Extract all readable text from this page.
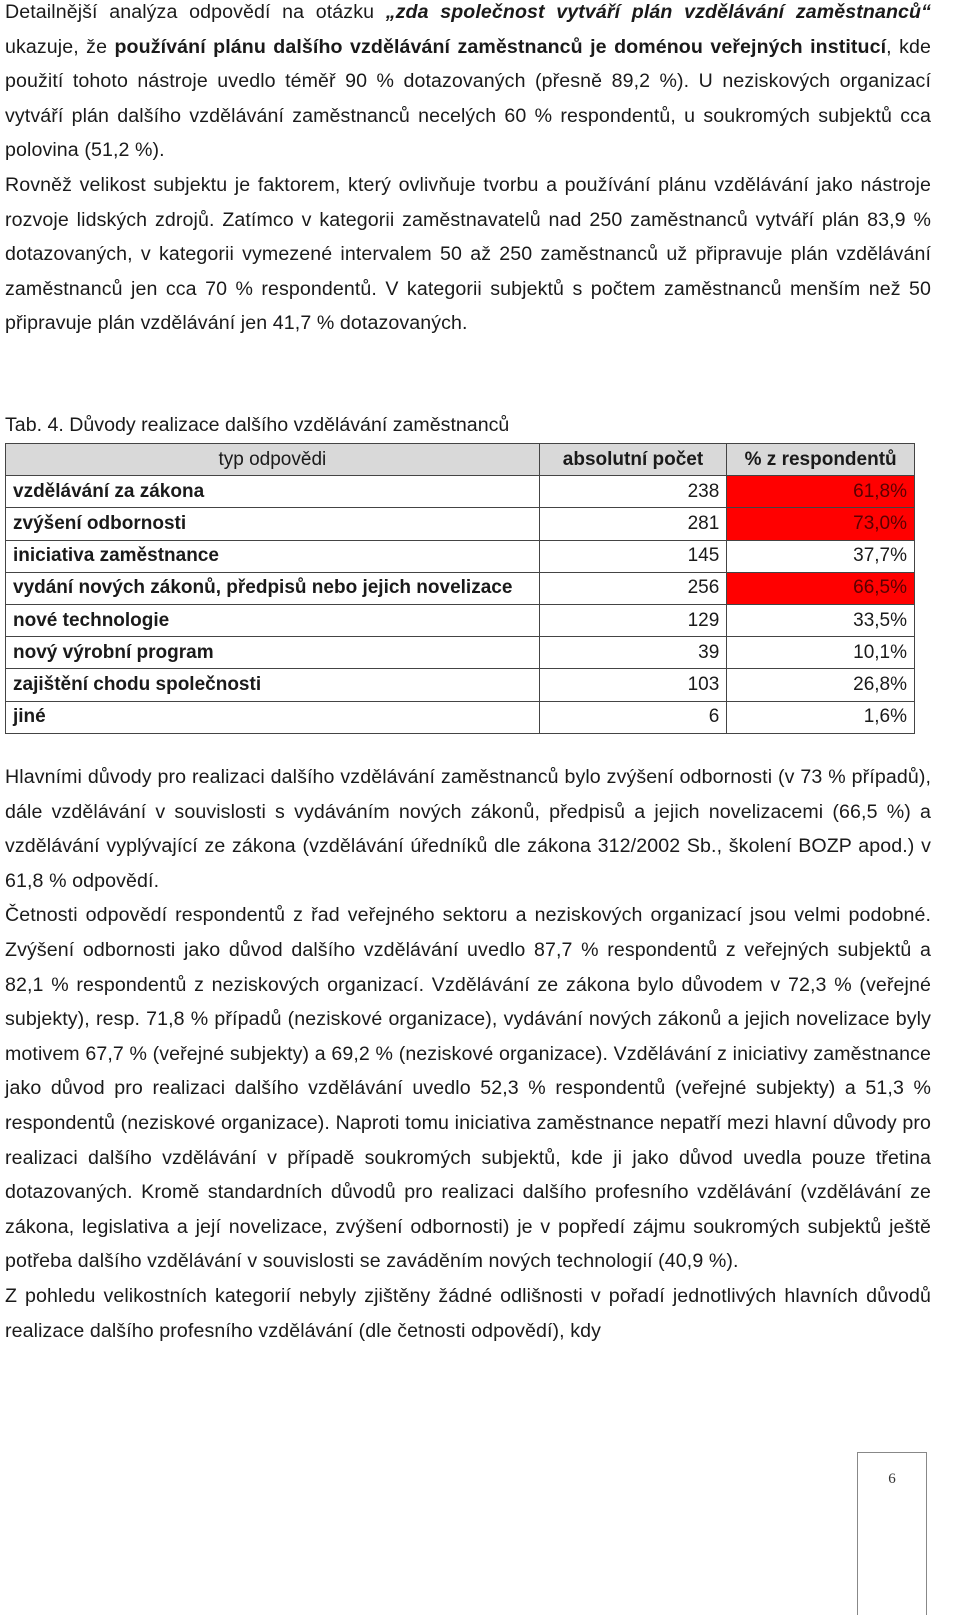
Detailnější analýza odpovědí na otázku „zda společnost vytváří plán vzdělávání zaměstnanců“ ukazuje, že používání plánu dalšího vzdělávání zaměstnanců je doménou veřejných institucí, kde použití tohoto nástroje uvedlo téměř 90 % dotazovaných (přesně 89,2 %). U neziskových organizací vytváří plán dalšího vzdělávání zaměstnanců necelých 60 % respondentů, u soukromých subjektů cca polovina (51,2 %).

Rovněž velikost subjektu je faktorem, který ovlivňuje tvorbu a používání plánu vzdělávání jako nástroje rozvoje lidských zdrojů. Zatímco v kategorii zaměstnavatelů nad 250 zaměstnanců vytváří plán 83,9 % dotazovaných, v kategorii vymezené intervalem 50 až 250 zaměstnanců už připravuje plán vzdělávání zaměstnanců jen cca 70 % respondentů. V kategorii subjektů s počtem zaměstnanců menším než 50 připravuje plán vzdělávání jen 41,7 % dotazovaných.

Tab. 4. Důvody realizace dalšího vzdělávání zaměstnanců
typ odpovědi	absolutní počet	% z respondentů
vzdělávání za zákona	238	61,8%
zvýšení odbornosti	281	73,0%
iniciativa zaměstnance	145	37,7%
vydání nových zákonů, předpisů nebo jejich novelizace	256	66,5%
nové technologie	129	33,5%
nový výrobní program	39	10,1%
zajištění chodu společnosti	103	26,8%
jiné	6	1,6%

Hlavními důvody pro realizaci dalšího vzdělávání zaměstnanců bylo zvýšení odbornosti (v 73 % případů), dále vzdělávání v souvislosti s vydáváním nových zákonů, předpisů a jejich novelizacemi (66,5 %) a vzdělávání vyplývající ze zákona (vzdělávání úředníků dle zákona 312/2002 Sb., školení BOZP apod.) v 61,8 % odpovědí.

Četnosti odpovědí respondentů z řad veřejného sektoru a neziskových organizací jsou velmi podobné. Zvýšení odbornosti jako důvod dalšího vzdělávání uvedlo 87,7 % respondentů z veřejných subjektů a 82,1 % respondentů z neziskových organizací. Vzdělávání ze zákona bylo důvodem v 72,3 % (veřejné subjekty), resp. 71,8 % případů (neziskové organizace), vydávání nových zákonů a jejich novelizace byly motivem 67,7 % (veřejné subjekty) a 69,2 % (neziskové organizace). Vzdělávání z iniciativy zaměstnance jako důvod pro realizaci dalšího vzdělávání uvedlo 52,3 % respondentů (veřejné subjekty) a 51,3 % respondentů (neziskové organizace). Naproti tomu iniciativa zaměstnance nepatří mezi hlavní důvody pro realizaci dalšího vzdělávání v případě soukromých subjektů, kde ji jako důvod uvedla pouze třetina dotazovaných. Kromě standardních důvodů pro realizaci dalšího profesního vzdělávání (vzdělávání ze zákona, legislativa a její novelizace, zvýšení odbornosti) je v popředí zájmu soukromých subjektů ještě potřeba dalšího vzdělávání v souvislosti se zaváděním nových technologií (40,9 %).

Z pohledu velikostních kategorií nebyly zjištěny žádné odlišnosti v pořadí jednotlivých hlavních důvodů realizace dalšího profesního vzdělávání (dle četnosti odpovědí), kdy

6
